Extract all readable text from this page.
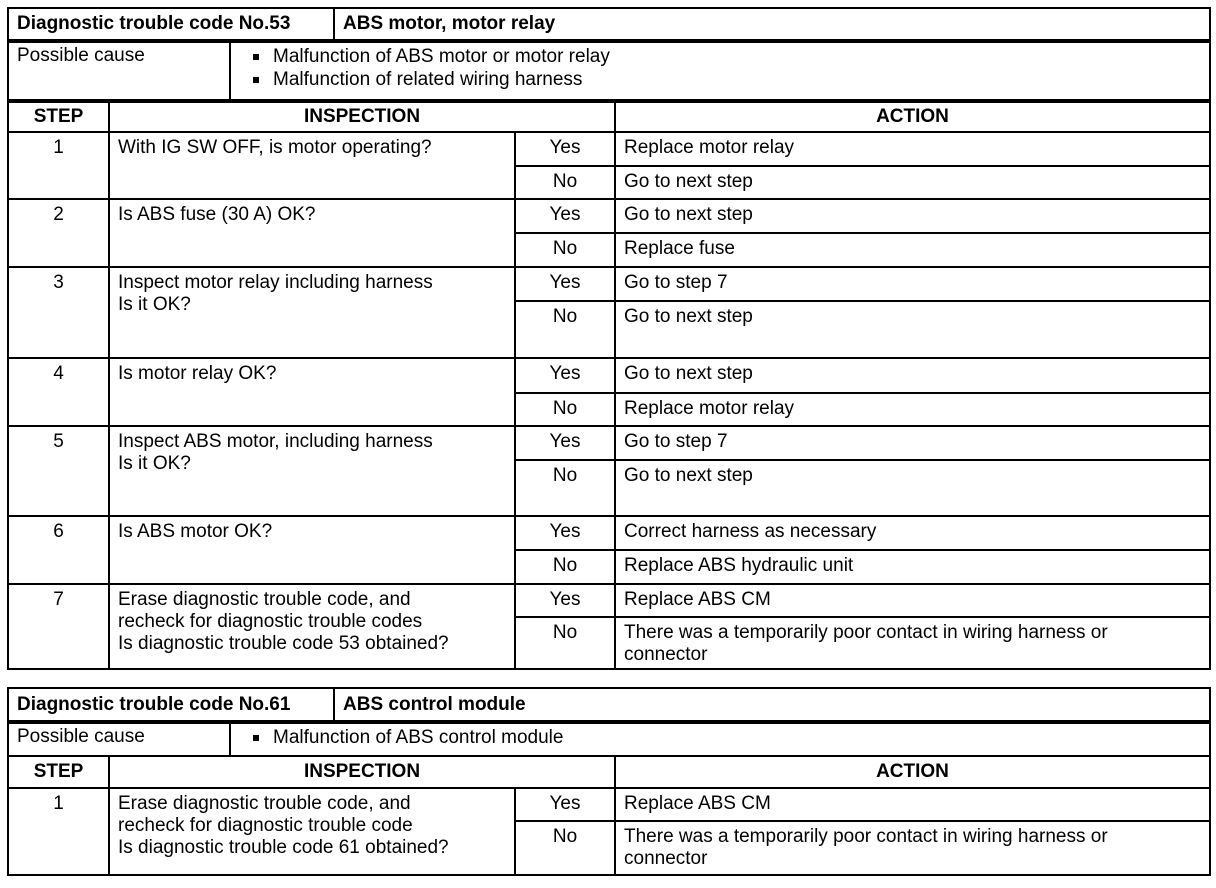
Diagnostic trouble code No.53	ABS motor, motor relay
Possible cause	Malfunction of ABS motor or motor relay
Malfunction of related wiring harness
STEP	INSPECTION		ACTION
1	With IG SW OFF, is motor operating?	Yes	Replace motor relay
		No	Go to next step
2	Is ABS fuse (30 A) OK?	Yes	Go to next step
		No	Replace fuse
3	Inspect motor relay including harness
Is it OK?	Yes	Go to step 7
		No	Go to next step
4	Is motor relay OK?	Yes	Go to next step
		No	Replace motor relay
5	Inspect ABS motor, including harness
Is it OK?	Yes	Go to step 7
		No	Go to next step
6	Is ABS motor OK?	Yes	Correct harness as necessary
		No	Replace ABS hydraulic unit
7	Erase diagnostic trouble code, and
recheck for diagnostic trouble codes
Is diagnostic trouble code 53 obtained?	Yes	Replace ABS CM
		No	There was a temporarily poor contact in wiring harness or
connector
Diagnostic trouble code No.61	ABS control module
Possible cause	Malfunction of ABS control module
STEP	INSPECTION		ACTION
1	Erase diagnostic trouble code, and
recheck for diagnostic trouble code
Is diagnostic trouble code 61 obtained?	Yes	Replace ABS CM
		No	There was a temporarily poor contact in wiring harness or
connector
